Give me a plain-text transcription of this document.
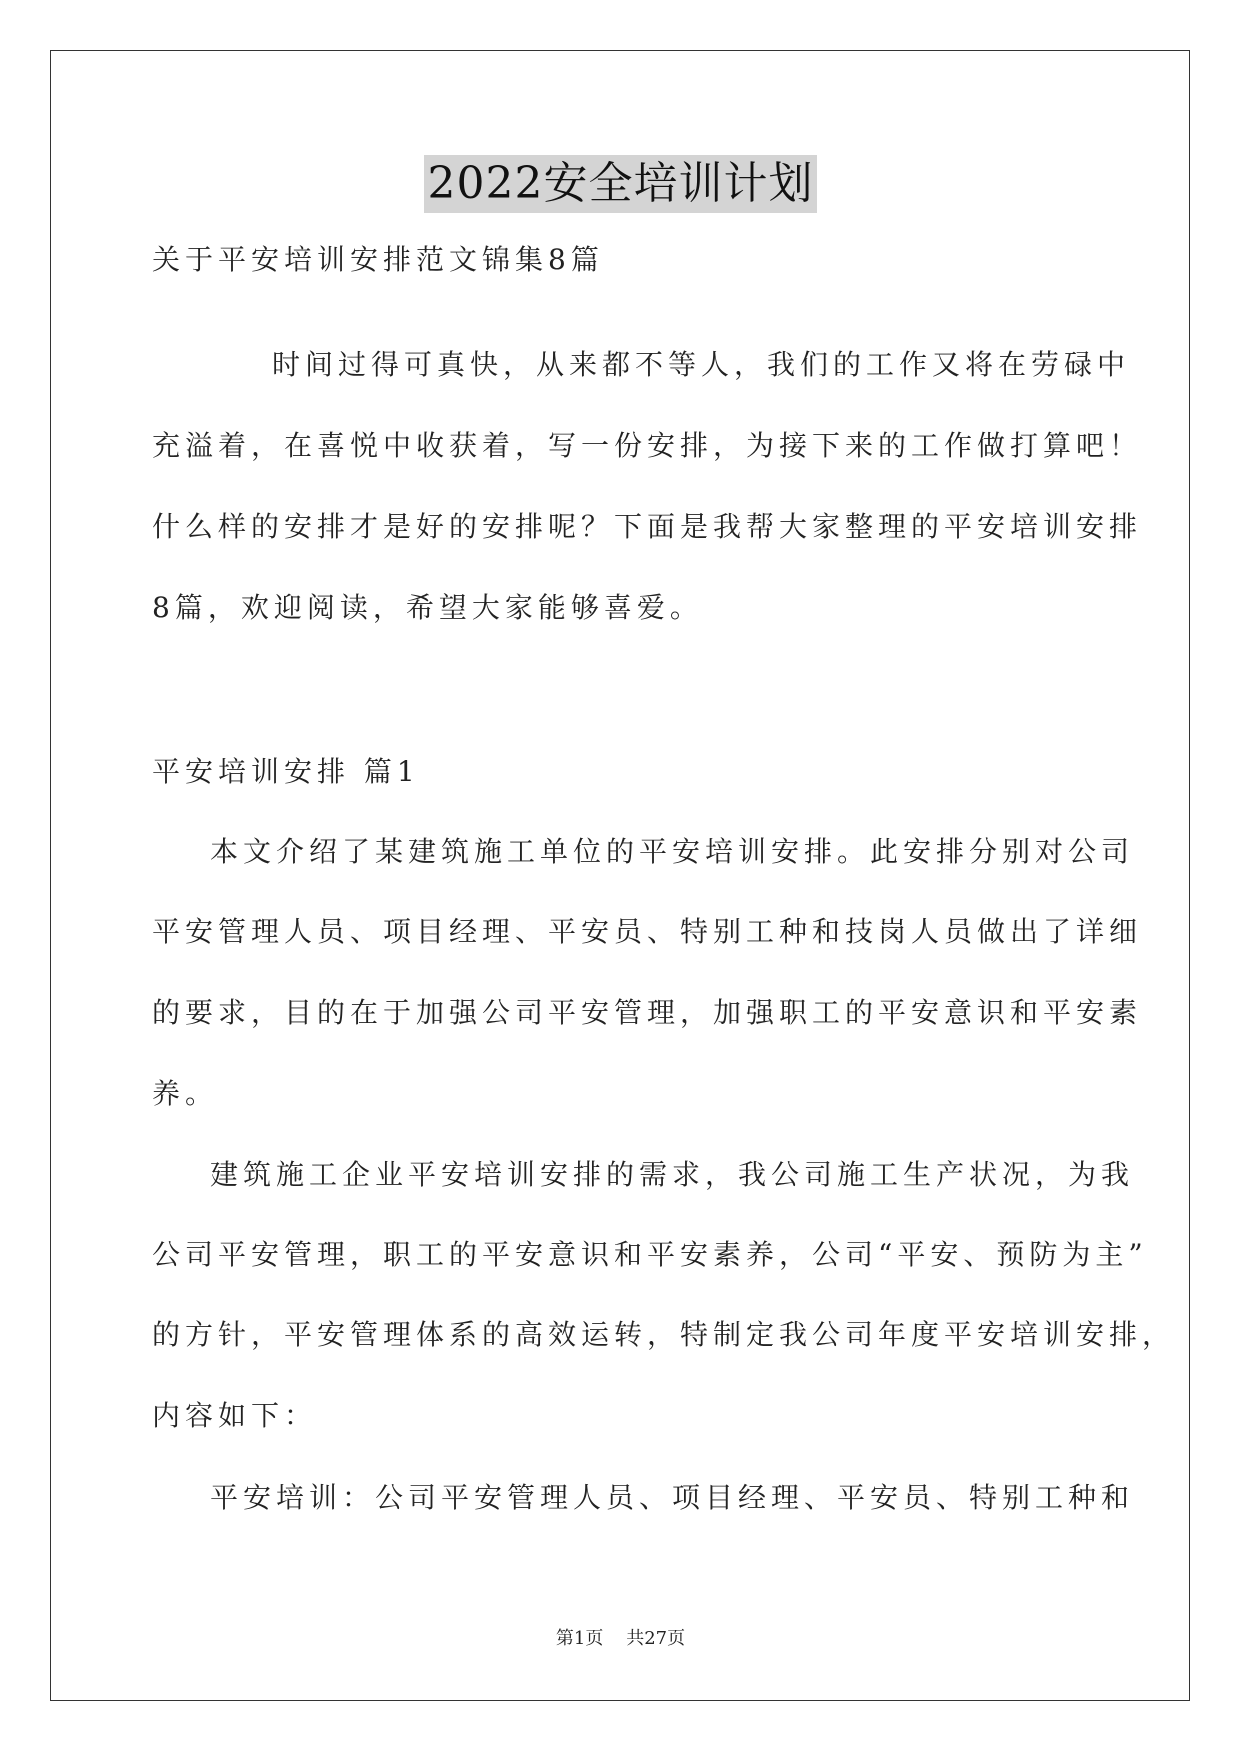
2022安全培训计划
关于平安培训安排范文锦集8篇
时间过得可真快，从来都不等人，我们的工作又将在劳碌中
充溢着，在喜悦中收获着，写一份安排，为接下来的工作做打算吧！
什么样的安排才是好的安排呢？下面是我帮大家整理的平安培训安排
8篇，欢迎阅读，希望大家能够喜爱。
平安培训安排 篇1
本文介绍了某建筑施工单位的平安培训安排。此安排分别对公司
平安管理人员、项目经理、平安员、特别工种和技岗人员做出了详细
的要求，目的在于加强公司平安管理，加强职工的平安意识和平安素
养。
建筑施工企业平安培训安排的需求，我公司施工生产状况，为我
公司平安管理，职工的平安意识和平安素养，公司“平安、预防为主”
的方针，平安管理体系的高效运转，特制定我公司年度平安培训安排，
内容如下：
平安培训：公司平安管理人员、项目经理、平安员、特别工种和
第1页 共27页
